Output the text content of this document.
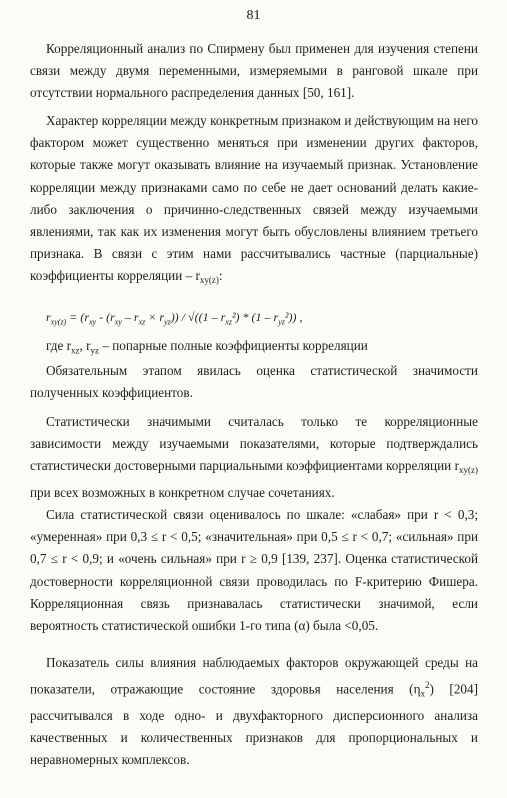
81

Корреляционный анализ по Спирмену был применен для изучения степени связи между двумя переменными, измеряемыми в ранговой шкале при отсутствии нормального распределения данных [50, 161].

Характер корреляции между конкретным признаком и действующим на него фактором может существенно меняться при изменении других факторов, которые также могут оказывать влияние на изучаемый признак. Установление корреляции между признаками само по себе не дает оснований делать какие-либо заключения о причинно-следственных связей между изучаемыми явлениями, так как их изменения могут быть обусловлены влиянием третьего признака. В связи с этим нами рассчитывались частные (парциальные) коэффициенты корреляции – $r_{xy(z)}$:

$r_{xy(z)} = (r_{xy} - (r_{xy} - r_{xz} \times r_{yz})) / √((1 - r_{xz}^2) * (1 - r_{yz}^2))$ ,
где $r_{xz}$, $r_{yz}$ – попарные полные коэффициенты корреляции

Обязательным этапом явилась оценка статистической значимости полученных коэффициентов.

Статистически значимыми считалась только те корреляционные зависимости между изучаемыми показателями, которые подтверждались статистически достоверными парциальными коэффициентами корреляции $r_{xy(z)}$ при всех возможных в конкретном случае сочетаниях.

Сила статистической связи оценивалось по шкале: «слабая» при r < 0,3; «умеренная» при 0,3 ≤ r < 0,5; «значительная» при 0,5 ≤ r < 0,7; «сильная» при 0,7 ≤ r < 0,9; и «очень сильная» при r ≥ 0,9 [139, 237]. Оценка статистической достоверности корреляционной связи проводилась по F-критерию Фишера. Корреляционная связь признавалась статистически значимой, если вероятность статистической ошибки 1-го типа (α) была <0,05.

Показатель силы влияния наблюдаемых факторов окружающей среды на показатели, отражающие состояние здоровья населения $(\eta_x^2)$ [204] рассчитывался в ходе одно- и двухфакторного дисперсионного анализа качественных и количественных признаков для пропорциональных и неравномерных комплексов.
